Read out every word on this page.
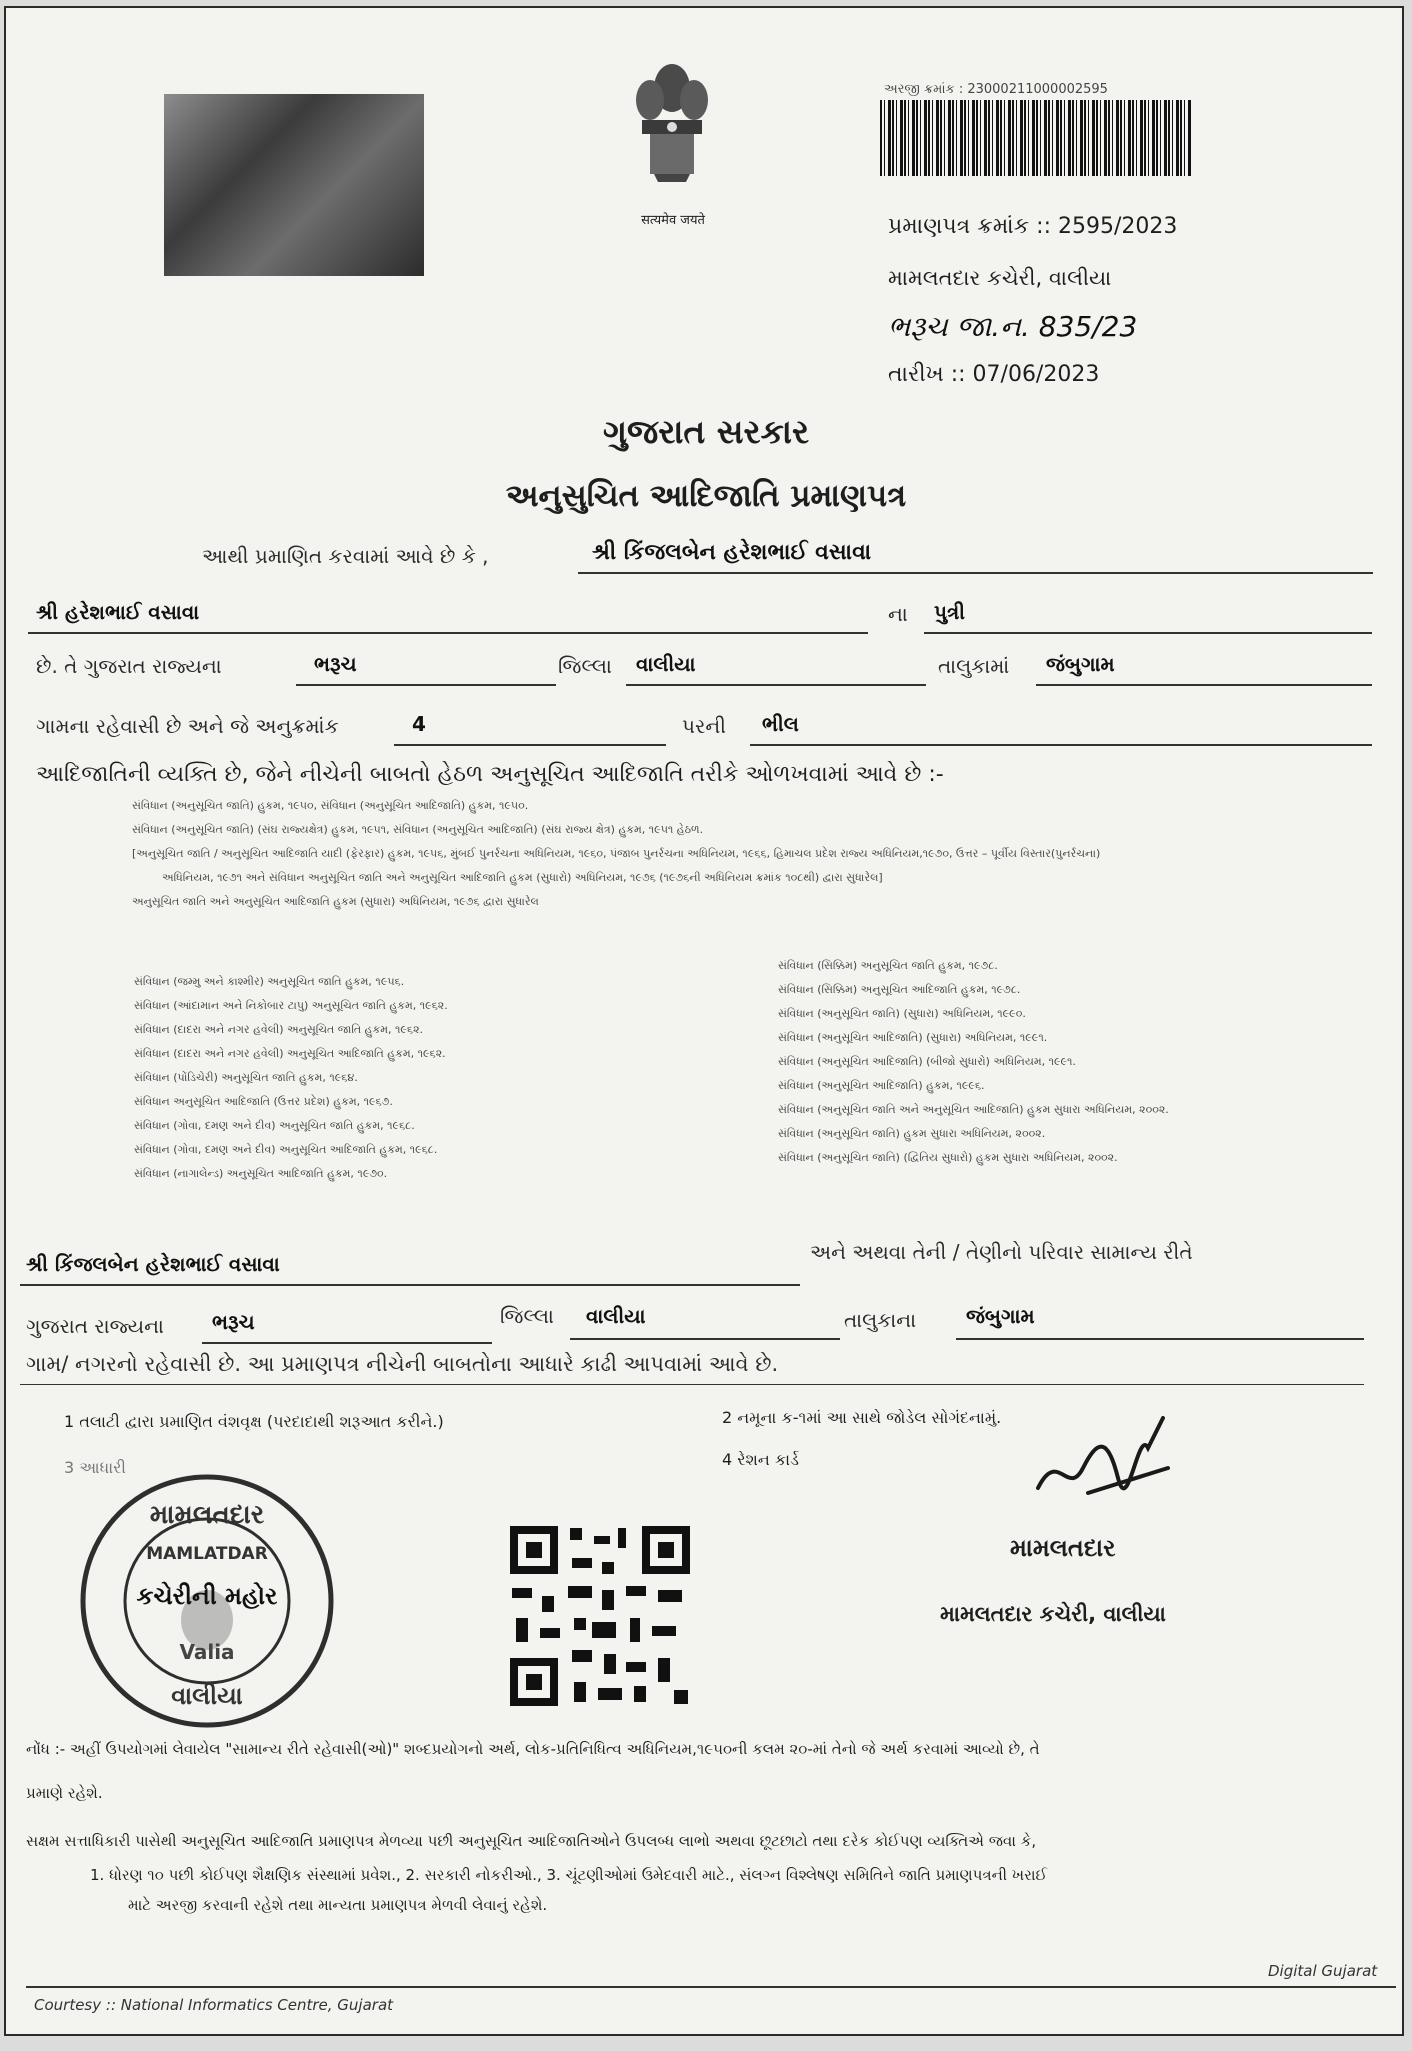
सत्यमेव जयते
અરજી ક્રમાંક : 23000211000002595
પ્રમાણપત્ર ક્રમાંક :: 2595/2023
મામલતદાર કચેરી, વાલીયા
ભરૂચ જા.ન. 835/23
તારીખ :: 07/06/2023
ગુજરાત સરકાર
અનુસુચિત આદિજાતિ પ્રમાણપત્ર
આથી પ્રમાણિત કરવામાં આવે છે કે ,	શ્રી કિંજલબેન હરેશભાઈ વસાવા
શ્રી હરેશભાઈ વસાવા	ના પુત્રી
છે. તે ગુજરાત રાજ્યના	ભરૂચ	જિલ્લા વાલીયા	તાલુકામાં જંબુગામ
ગામના રહેવાસી છે અને જે અનુક્રમાંક	4	પરની ભીલ
આદિજાતિની વ્યક્તિ છે, જેને નીચેની બાબતો હેઠળ અનુસૂચિત આદિજાતિ તરીકે ઓળખવામાં આવે છે :-
સંવિધાન (અનુસૂચિત જાતિ) હુકમ, ૧૯૫૦, સંવિધાન (અનુસૂચિત આદિજાતિ) હુકમ, ૧૯૫૦.
સંવિધાન (અનુસૂચિત જાતિ) (સંઘ રાજ્યક્ષેત્ર) હુકમ, ૧૯૫૧, સંવિધાન (અનુસૂચિત આદિજાતિ) (સંઘ રાજ્ય ક્ષેત્ર) હુકમ, ૧૯૫૧ હેઠળ.
[અનુસૂચિત જાતિ / અનુસૂચિત આદિજાતિ યાદી (ફેરફાર) હુકમ, ૧૯૫૬, મુંબઈ પુનર્રચના અધિનિયમ, ૧૯૬૦, પંજાબ પુનર્રચના અધિનિયમ, ૧૯૬૬, હિમાચલ પ્રદેશ રાજ્ય અધિનિયમ,૧૯૭૦, ઉત્તર – પૂર્વીય વિસ્તાર(પુનર્રચના)
અધિનિયમ, ૧૯૭૧ અને સંવિધાન અનુસૂચિત જાતિ અને અનુસૂચિત આદિજાતિ હુકમ (સુધારો) અધિનિયમ, ૧૯૭૬ (૧૯૭૬ની અધિનિયમ ક્રમાંક ૧૦૮થી) દ્વારા સુધારેલ]
અનુસૂચિત જાતિ અને અનુસૂચિત આદિજાતિ હુકમ (સુધારા) અધિનિયમ, ૧૯૭૬ દ્વારા સુધારેલ
સંવિધાન (જમ્મુ અને કાશ્મીર) અનુસૂચિત જાતિ હુકમ, ૧૯૫૬.
સંવિધાન (આંદામાન અને નિકોબાર ટાપુ) અનુસૂચિત જાતિ હુકમ, ૧૯૬૨.
સંવિધાન (દાદરા અને નગર હવેલી) અનુસૂચિત જાતિ હુકમ, ૧૯૬૨.
સંવિધાન (દાદરા અને નગર હવેલી) અનુસૂચિત આદિજાતિ હુકમ, ૧૯૬૨.
સંવિધાન (પોંડિચેરી) અનુસૂચિત જાતિ હુકમ, ૧૯૬૪.
સંવિધાન અનુસૂચિત આદિજાતિ (ઉત્તર પ્રદેશ) હુકમ, ૧૯૬૭.
સંવિધાન (ગોવા, દમણ અને દીવ) અનુસૂચિત જાતિ હુકમ, ૧૯૬૮.
સંવિધાન (ગોવા, દમણ અને દીવ) અનુસૂચિત આદિજાતિ હુકમ, ૧૯૬૮.
સંવિધાન (નાગાલેન્ડ) અનુસૂચિત આદિજાતિ હુકમ, ૧૯૭૦.
સંવિધાન (સિક્કિમ) અનુસૂચિત જાતિ હુકમ, ૧૯૭૮.
સંવિધાન (સિક્કિમ) અનુસૂચિત આદિજાતિ હુકમ, ૧૯૭૮.
સંવિધાન (અનુસૂચિત જાતિ) (સુધારા) અધિનિયમ, ૧૯૯૦.
સંવિધાન (અનુસૂચિત આદિજાતિ) (સુધારા) અધિનિયમ, ૧૯૯૧.
સંવિધાન (અનુસૂચિત આદિજાતિ) (બીજો સુધારો) અધિનિયમ, ૧૯૯૧.
સંવિધાન (અનુસૂચિત આદિજાતિ) હુકમ, ૧૯૯૬.
સંવિધાન (અનુસૂચિત જાતિ અને અનુસૂચિત આદિજાતિ) હુકમ સુધારા અધિનિયમ, ૨૦૦૨.
સંવિધાન (અનુસૂચિત જાતિ) હુકમ સુધારા અધિનિયમ, ૨૦૦૨.
સંવિધાન (અનુસૂચિત જાતિ) (દ્વિતિય સુધારો) હુકમ સુધારા અધિનિયમ, ૨૦૦૨.
શ્રી કિંજલબેન હરેશભાઈ વસાવા	અને અથવા તેની / તેણીનો પરિવાર સામાન્ય રીતે
ગુજરાત રાજ્યના ભરૂચ	જિલ્લા વાલીયા	તાલુકાના જંબુગામ
ગામ/ નગરનો રહેવાસી છે. આ પ્રમાણપત્ર નીચેની બાબતોના આધારે કાઢી આપવામાં આવે છે.
1 તલાટી દ્વારા પ્રમાણિત વંશવૃક્ષ (પરદાદાથી શરૂઆત કરીને.)	2 નમૂના ક-૧માં આ સાથે જોડેલ સોગંદનામું.
3 આધારી	4 રેશન કાર્ડ
મામલતદાર
MAMLATDAR
કચેરીની મહોર
Valia
વાલીયા
મામલતદાર
મામલતદાર કચેરી, વાલીયા
નોંધ :- અહીં ઉપયોગમાં લેવાયેલ "સામાન્ય રીતે રહેવાસી(ઓ)" શબ્દપ્રયોગનો અર્થ, લોક-પ્રતિનિધિત્વ અધિનિયમ,૧૯૫૦ની કલમ ૨૦-માં તેનો જે અર્થ કરવામાં આવ્યો છે, તે
પ્રમાણે રહેશે.
સક્ષમ સત્તાધિકારી પાસેથી અનુસૂચિત આદિજાતિ પ્રમાણપત્ર મેળવ્યા પછી અનુસૂચિત આદિજાતિઓને ઉપલબ્ધ લાભો અથવા છૂટછાટો તથા દરેક કોઈપણ વ્યક્તિએ જવા કે,
1. ધોરણ ૧૦ પછી કોઈપણ શૈક્ષણિક સંસ્થામાં પ્રવેશ., 2. સરકારી નોકરીઓ., 3. ચૂંટણીઓમાં ઉમેદવારી માટે., સંલગ્ન વિશ્લેષણ સમિતિને જાતિ પ્રમાણપત્રની ખરાઈ
માટે અરજી કરવાની રહેશે તથા માન્યતા પ્રમાણપત્ર મેળવી લેવાનું રહેશે.
Courtesy :: National Informatics Centre, Gujarat
Digital Gujarat
